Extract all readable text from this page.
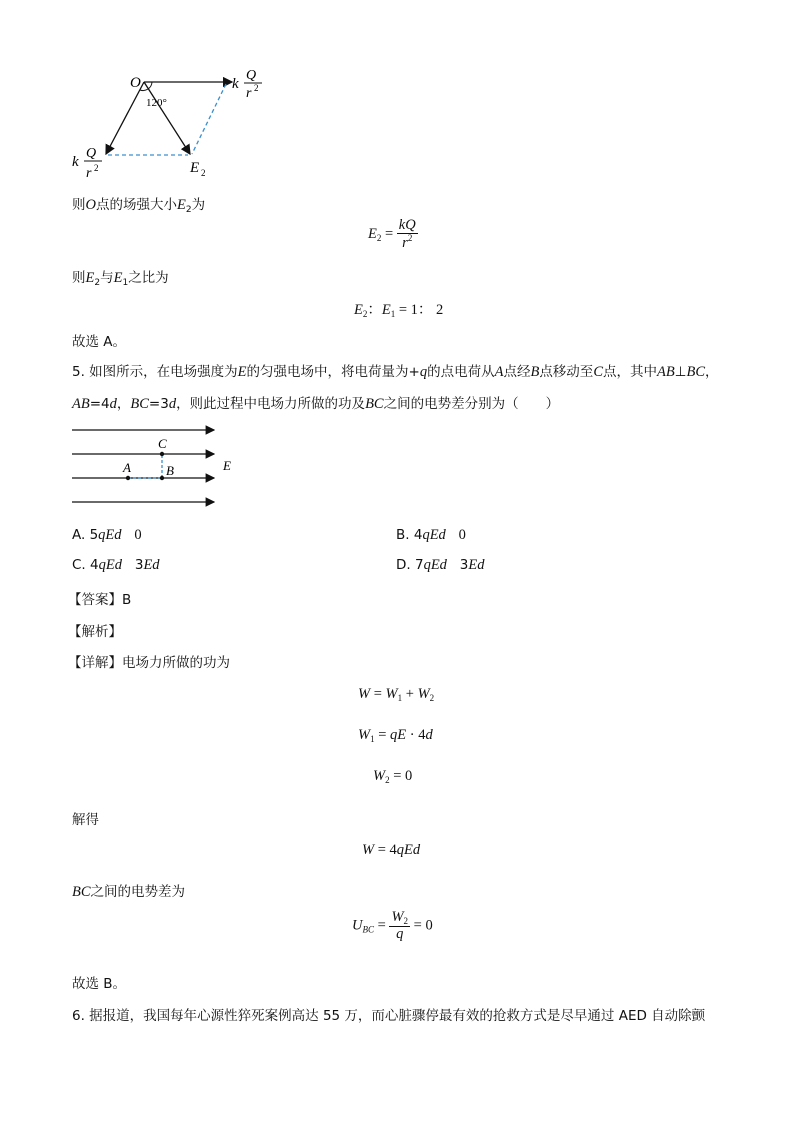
O
120°
k
Q
r 2
k
Q
r 2	E 2
则O点的场强大小$E_2$为
$E_2 = \frac{kQ}{r^2}$
则$E_2$与$E_1$之比为
$E_2$：$E_1 = 1$： 2
故选 A。
5. 如图所示，在电场强度为E的匀强电场中，将电荷量为+q的点电荷从A点经B点移动至C点，其中AB⊥BC，
AB=4d，BC=3d，则此过程中电场力所做的功及BC之间的电势差分别为（　　）
C
A	B	E
A. 5qEd 0	B. 4qEd 0
C. 4qEd   3Ed	D. 7qEd   3Ed
【答案】B
【解析】
【详解】电场力所做的功为
$W = W_1 + W_2$
$W_1$ = qE · 4d
$W_2 = 0$
解得
W = 4qEd
BC之间的电势差为
$U_{BC} = \frac{W_2}{q} = 0$
故选 B。
6. 据报道，我国每年心源性猝死案例高达 55 万，而心脏骤停最有效的抢救方式是尽早通过 AED 自动除颤
